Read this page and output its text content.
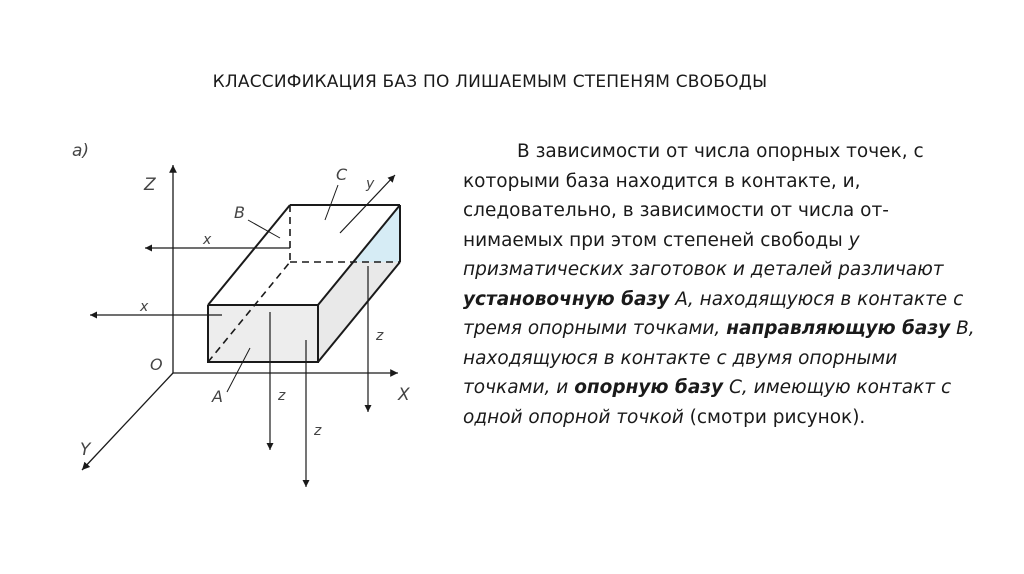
КЛАССИФИКАЦИЯ БАЗ ПО ЛИШАЕМЫМ СТЕПЕНЯМ СВОБОДЫ
а)
Z
X
Y
O
x
x
y
z
z
z
B
C
A

В зависимости от числа опорных точек, с которыми база находится в контакте, и, следовательно, в зависимости от числа от-нимаемых при этом степеней свободы у призматических заготовок и деталей различают установочную базу А, находящуюся в контакте с тремя опорными точками, направляющую базу В, находящуюся в контакте с двумя опорными точками, и опорную базу С, имеющую контакт с одной опорной точкой (смотри рисунок).
